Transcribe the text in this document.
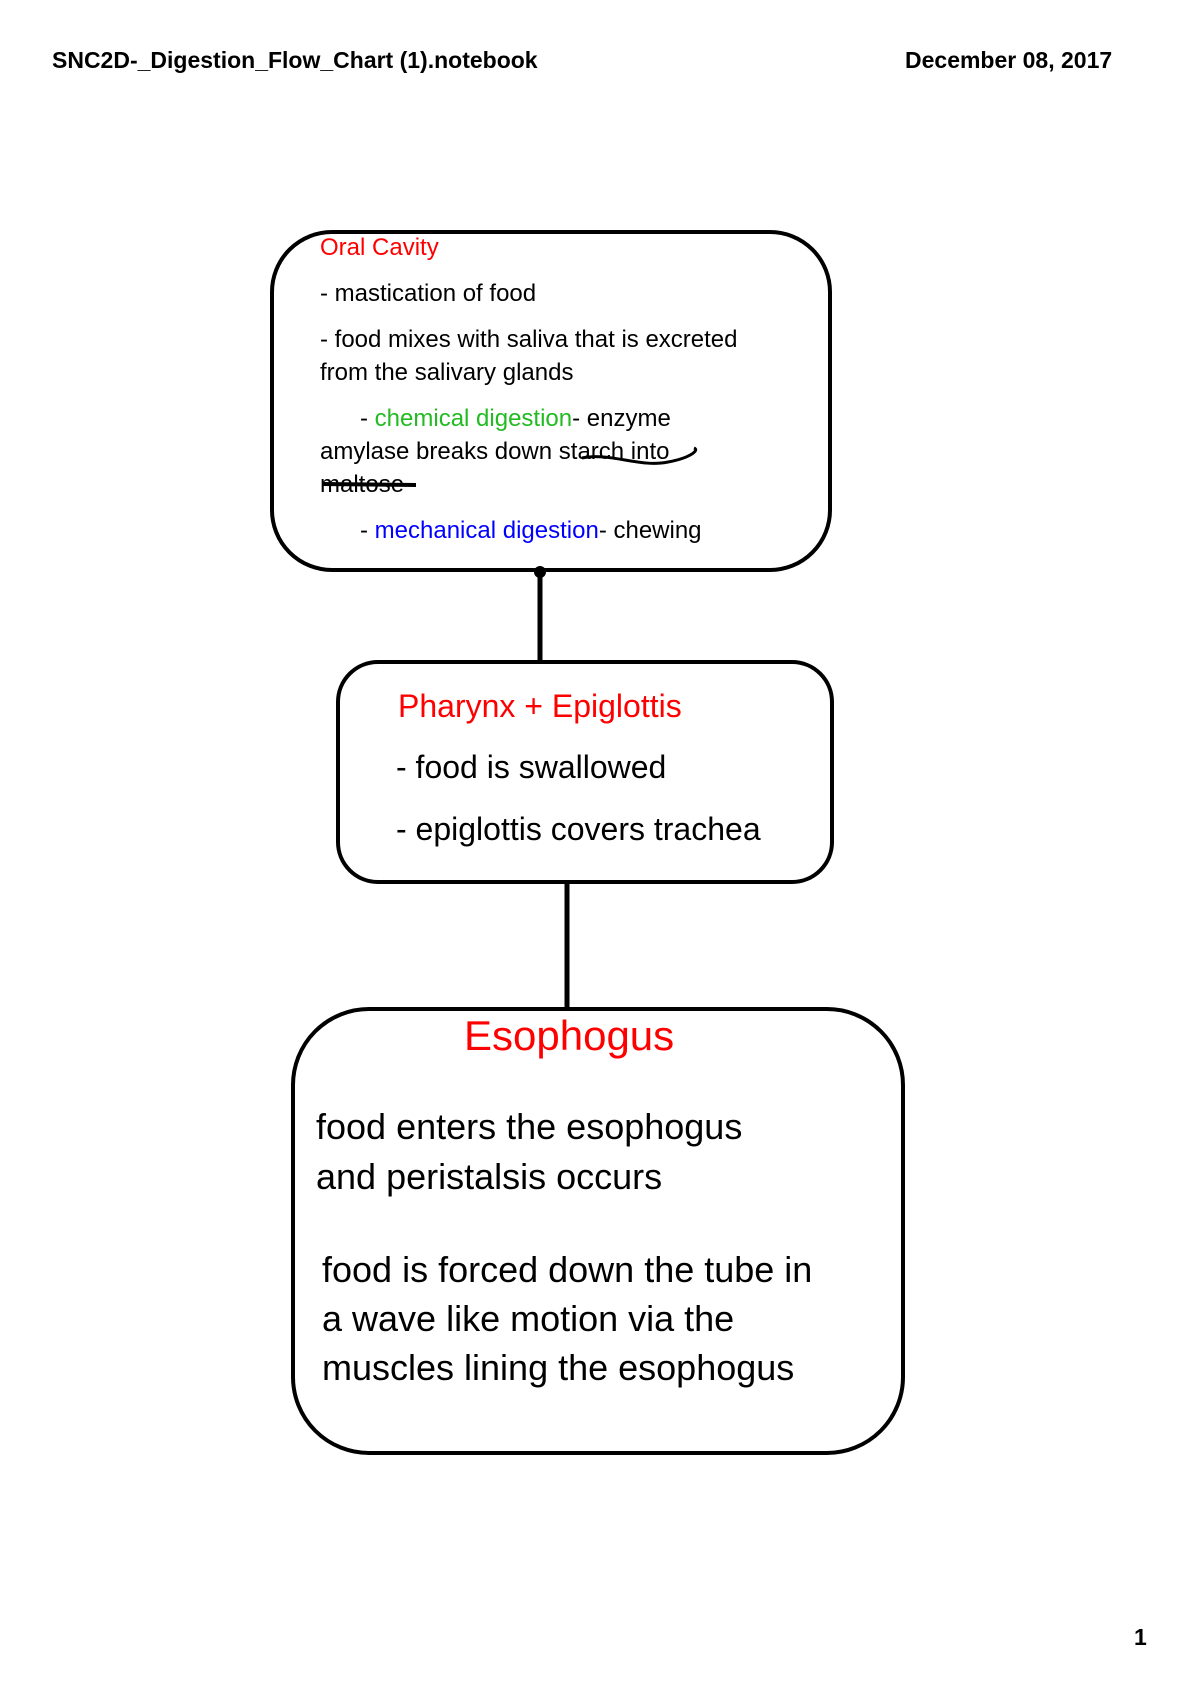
SNC2D-_Digestion_Flow_Chart (1).notebook	December 08, 2017
Oral Cavity
- mastication of food
- food mixes with saliva that is excreted
from the salivary glands
- chemical digestion- enzyme
amylase breaks down starch into
maltose
- mechanical digestion- chewing
Pharynx + Epiglottis
- food is swallowed
- epiglottis covers trachea
Esophogus
food enters the esophogus
and peristalsis occurs
food is forced down the tube in
a wave like motion via the
muscles lining the esophogus
1
